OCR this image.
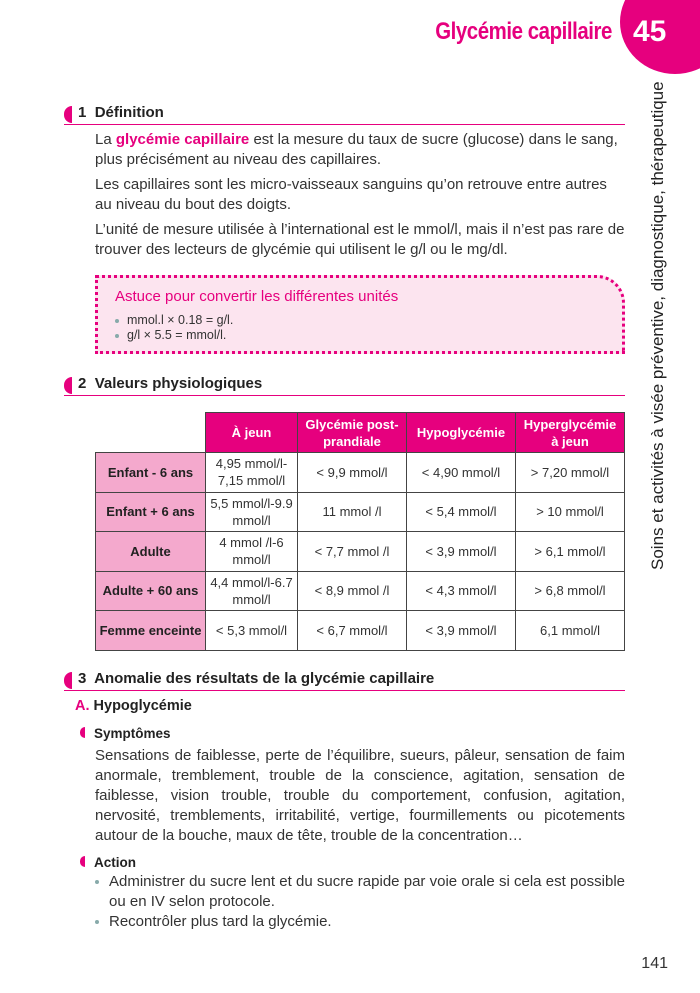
Glycémie capillaire 45
Soins et activités à visée préventive, diagnostique, thérapeutique
1 Définition
La glycémie capillaire est la mesure du taux de sucre (glucose) dans le sang, plus précisément au niveau des capillaires.
Les capillaires sont les micro-vaisseaux sanguins qu’on retrouve entre autres au niveau du bout des doigts.
L’unité de mesure utilisée à l’international est le mmol/l, mais il n’est pas rare de trouver des lecteurs de glycémie qui utilisent le g/l ou le mg/dl.
Astuce pour convertir les différentes unités
mmol.l × 0.18 = g/l.
g/l × 5.5 = mmol/l.
2 Valeurs physiologiques
	À jeun	Glycémie post-prandiale	Hypoglycémie	Hyperglycémie à jeun
Enfant - 6 ans	4,95 mmol/l-7,15 mmol/l	< 9,9 mmol/l	< 4,90 mmol/l	> 7,20 mmol/l
Enfant + 6 ans	5,5 mmol/l-9.9 mmol/l	11 mmol /l	< 5,4 mmol/l	> 10 mmol/l
Adulte	4 mmol /l-6 mmol/l	< 7,7 mmol /l	< 3,9 mmol/l	> 6,1 mmol/l
Adulte + 60 ans	4,4 mmol/l-6.7 mmol/l	< 8,9 mmol /l	< 4,3 mmol/l	> 6,8 mmol/l
Femme enceinte	< 5,3 mmol/l	< 6,7 mmol/l	< 3,9 mmol/l	6,1 mmol/l
3 Anomalie des résultats de la glycémie capillaire
A. Hypoglycémie
Symptômes
Sensations de faiblesse, perte de l’équilibre, sueurs, pâleur, sensation de faim anormale, tremblement, trouble de la conscience, agitation, sensation de faiblesse, vision trouble, trouble du comportement, confusion, agitation, nervosité, tremblements, irritabilité, vertige, fourmillements ou picotements autour de la bouche, maux de tête, trouble de la concentration…
Action
Administrer du sucre lent et du sucre rapide par voie orale si cela est possible ou en IV selon protocole.
Recontrôler plus tard la glycémie.
141
